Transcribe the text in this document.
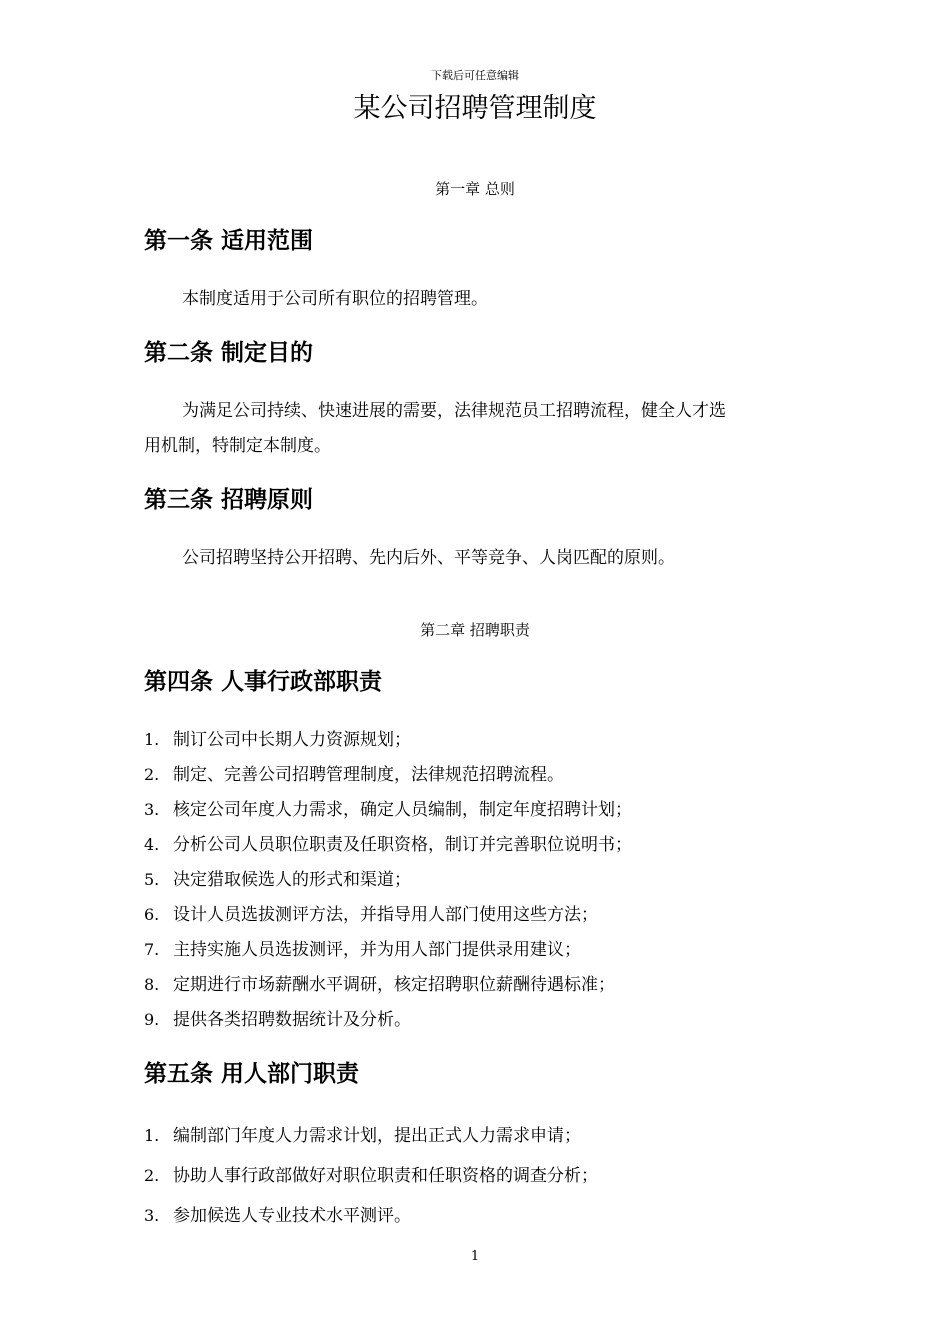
下载后可任意编辑
某公司招聘管理制度
第一章 总则
第一条 适用范围
本制度适用于公司所有职位的招聘管理。
第二条 制定目的
为满足公司持续、快速进展的需要，法律规范员工招聘流程，健全人才选
用机制，特制定本制度。
第三条 招聘原则
公司招聘坚持公开招聘、先内后外、平等竞争、人岗匹配的原则。
第二章 招聘职责
第四条 人事行政部职责
1. 制订公司中长期人力资源规划；
2. 制定、完善公司招聘管理制度，法律规范招聘流程。
3. 核定公司年度人力需求，确定人员编制，制定年度招聘计划；
4. 分析公司人员职位职责及任职资格，制订并完善职位说明书；
5. 决定猎取候选人的形式和渠道；
6. 设计人员选拔测评方法，并指导用人部门使用这些方法；
7. 主持实施人员选拔测评，并为用人部门提供录用建议；
8. 定期进行市场薪酬水平调研，核定招聘职位薪酬待遇标准；
9. 提供各类招聘数据统计及分析。
第五条 用人部门职责
1. 编制部门年度人力需求计划，提出正式人力需求申请；
2. 协助人事行政部做好对职位职责和任职资格的调查分析；
3. 参加候选人专业技术水平测评。
1
